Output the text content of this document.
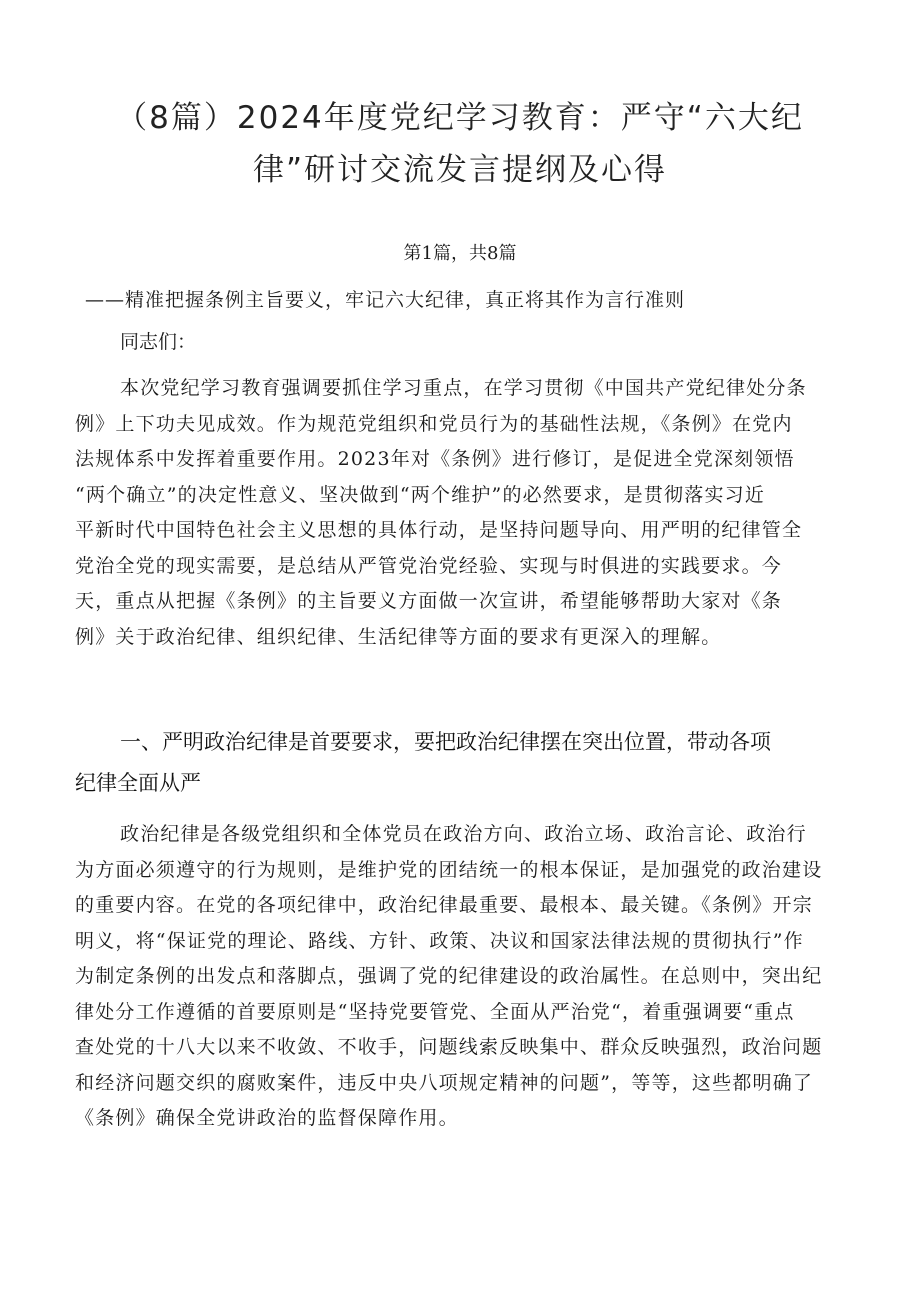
（8篇）2024年度党纪学习教育：严守“六大纪
律”研讨交流发言提纲及心得
第1篇，共8篇
——精准把握条例主旨要义，牢记六大纪律，真正将其作为言行准则
同志们：
本次党纪学习教育强调要抓住学习重点，在学习贯彻《中国共产党纪律处分条
例》上下功夫见成效。作为规范党组织和党员行为的基础性法规，《条例》在党内
法规体系中发挥着重要作用。2023年对《条例》进行修订，是促进全党深刻领悟
“两个确立”的决定性意义、坚决做到“两个维护”的必然要求，是贯彻落实习近
平新时代中国特色社会主义思想的具体行动，是坚持问题导向、用严明的纪律管全
党治全党的现实需要，是总结从严管党治党经验、实现与时俱进的实践要求。今
天，重点从把握《条例》的主旨要义方面做一次宣讲，希望能够帮助大家对《条
例》关于政治纪律、组织纪律、生活纪律等方面的要求有更深入的理解。
一、严明政治纪律是首要要求，要把政治纪律摆在突出位置，带动各项
纪律全面从严
政治纪律是各级党组织和全体党员在政治方向、政治立场、政治言论、政治行
为方面必须遵守的行为规则，是维护党的团结统一的根本保证，是加强党的政治建设
的重要内容。在党的各项纪律中，政治纪律最重要、最根本、最关键。《条例》开宗
明义，将“保证党的理论、路线、方针、政策、决议和国家法律法规的贯彻执行”作
为制定条例的出发点和落脚点，强调了党的纪律建设的政治属性。在总则中，突出纪
律处分工作遵循的首要原则是“坚持党要管党、全面从严治党“，着重强调要“重点
查处党的十八大以来不收敛、不收手，问题线索反映集中、群众反映强烈，政治问题
和经济问题交织的腐败案件，违反中央八项规定精神的问题”，等等，这些都明确了
《条例》确保全党讲政治的监督保障作用。
